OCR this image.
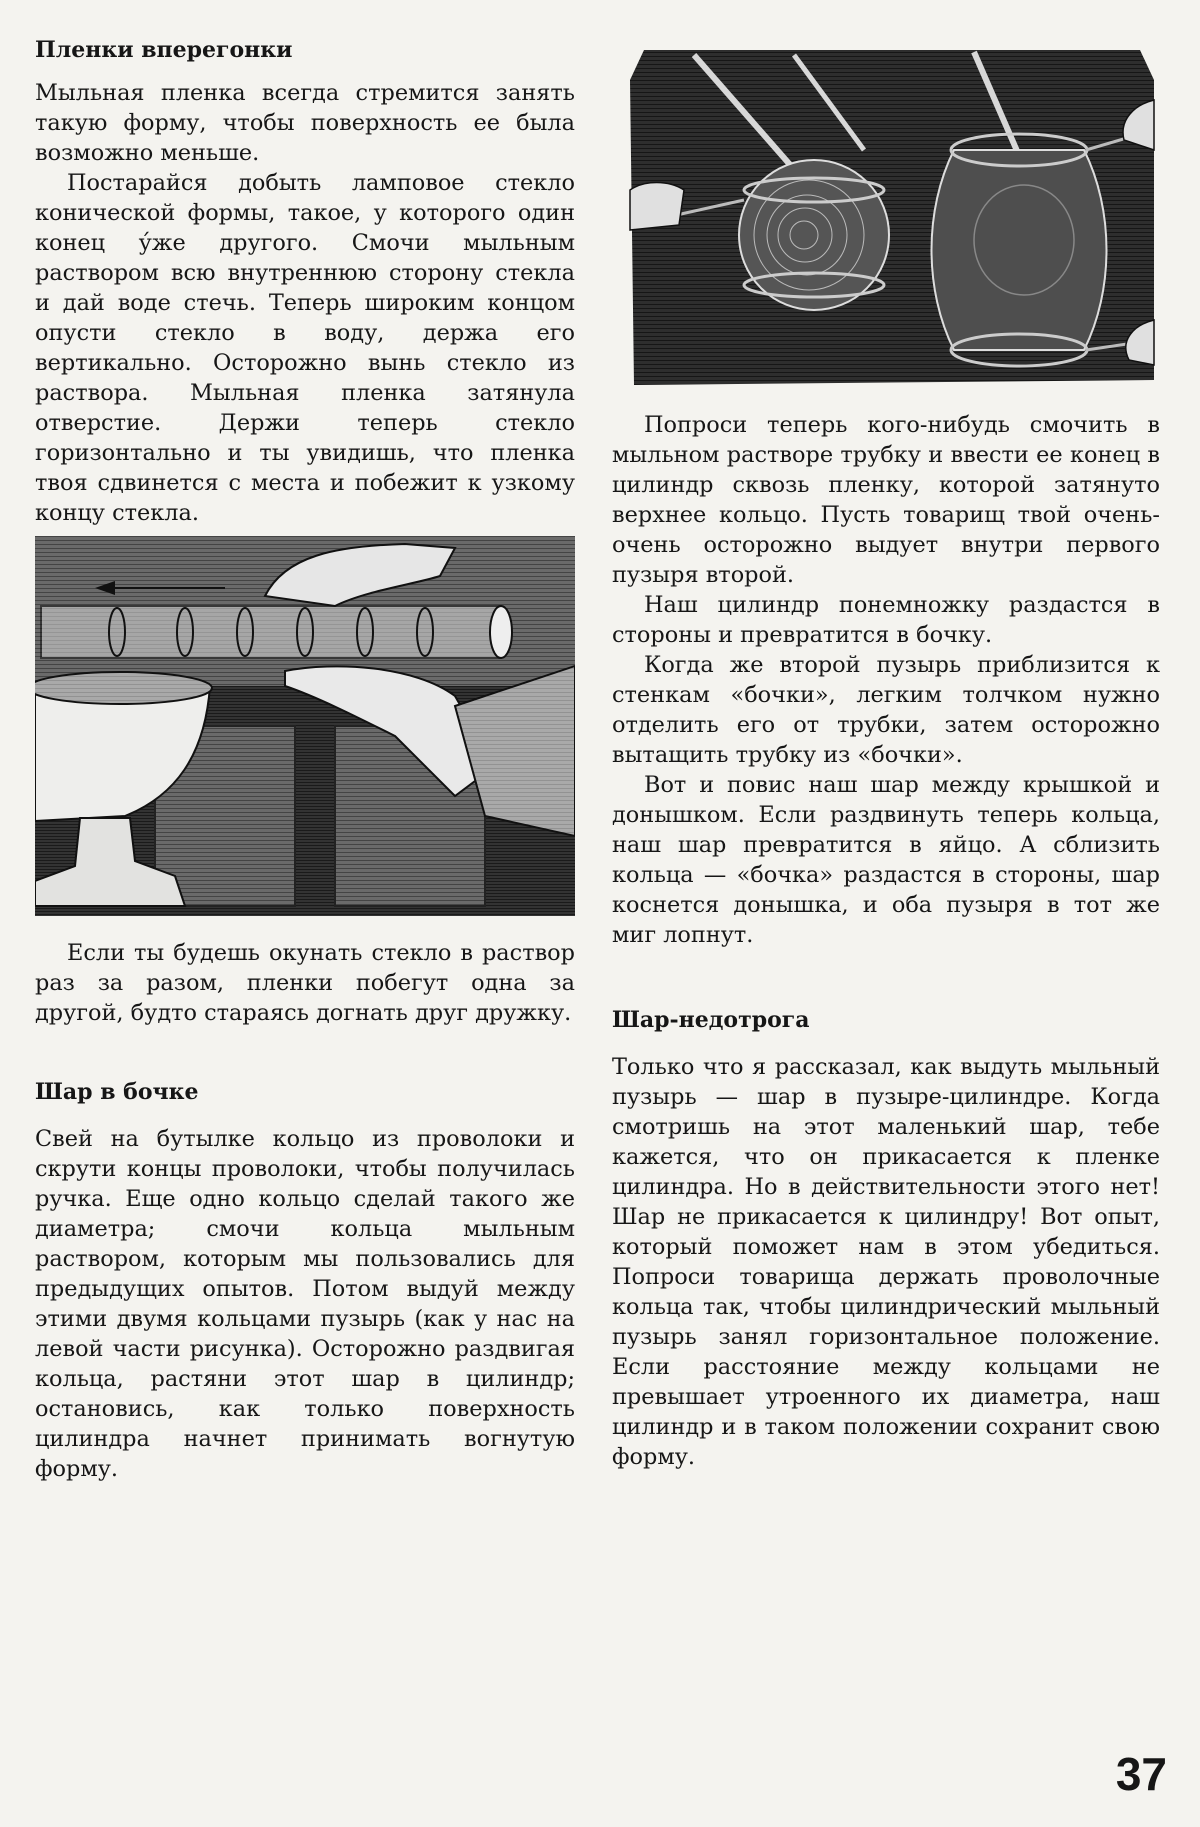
Пленки вперегонки

Мыльная пленка всегда стремится занять такую форму, чтобы поверхность ее была возможно меньше.

Постарайся добыть ламповое стекло конической формы, такое, у которого один конец у́же другого. Смочи мыльным раствором всю внутреннюю сторону стекла и дай воде стечь. Теперь широким концом опусти стекло в воду, держа его вертикально. Осторожно вынь стекло из раствора. Мыльная пленка затянула отверстие. Держи теперь стекло горизонтально и ты увидишь, что пленка твоя сдвинется с места и побежит к узкому концу стекла.

Если ты будешь окунать стекло в раствор раз за разом, пленки побегут одна за другой, будто стараясь догнать друг дружку.

Шар в бочке

Свей на бутылке кольцо из проволоки и скрути концы проволоки, чтобы получилась ручка. Еще одно кольцо сделай такого же диаметра; смочи кольца мыльным раствором, которым мы пользовались для предыдущих опытов. Потом выдуй между этими двумя кольцами пузырь (как у нас на левой части рисунка). Осторожно раздвигая кольца, растяни этот шар в цилиндр; остановись, как только поверхность цилиндра начнет принимать вогнутую форму.

Попроси теперь кого-нибудь смочить в мыльном растворе трубку и ввести ее конец в цилиндр сквозь пленку, которой затянуто верхнее кольцо. Пусть товарищ твой очень-очень осторожно выдует внутри первого пузыря второй.

Наш цилиндр понемножку раздастся в стороны и превратится в бочку.

Когда же второй пузырь приблизится к стенкам «бочки», легким толчком нужно отделить его от трубки, затем осторожно вытащить трубку из «бочки».

Вот и повис наш шар между крышкой и донышком. Если раздвинуть теперь кольца, наш шар превратится в яйцо. А сблизить кольца — «бочка» раздастся в стороны, шар коснется донышка, и оба пузыря в тот же миг лопнут.

Шар-недотрога

Только что я рассказал, как выдуть мыльный пузырь — шар в пузыре-цилиндре. Когда смотришь на этот маленький шар, тебе кажется, что он прикасается к пленке цилиндра. Но в действительности этого нет! Шар не прикасается к цилиндру! Вот опыт, который поможет нам в этом убедиться. Попроси товарища держать проволочные кольца так, чтобы цилиндрический мыльный пузырь занял горизонтальное положение. Если расстояние между кольцами не превышает утроенного их диаметра, наш цилиндр и в таком положении сохранит свою форму.

37
